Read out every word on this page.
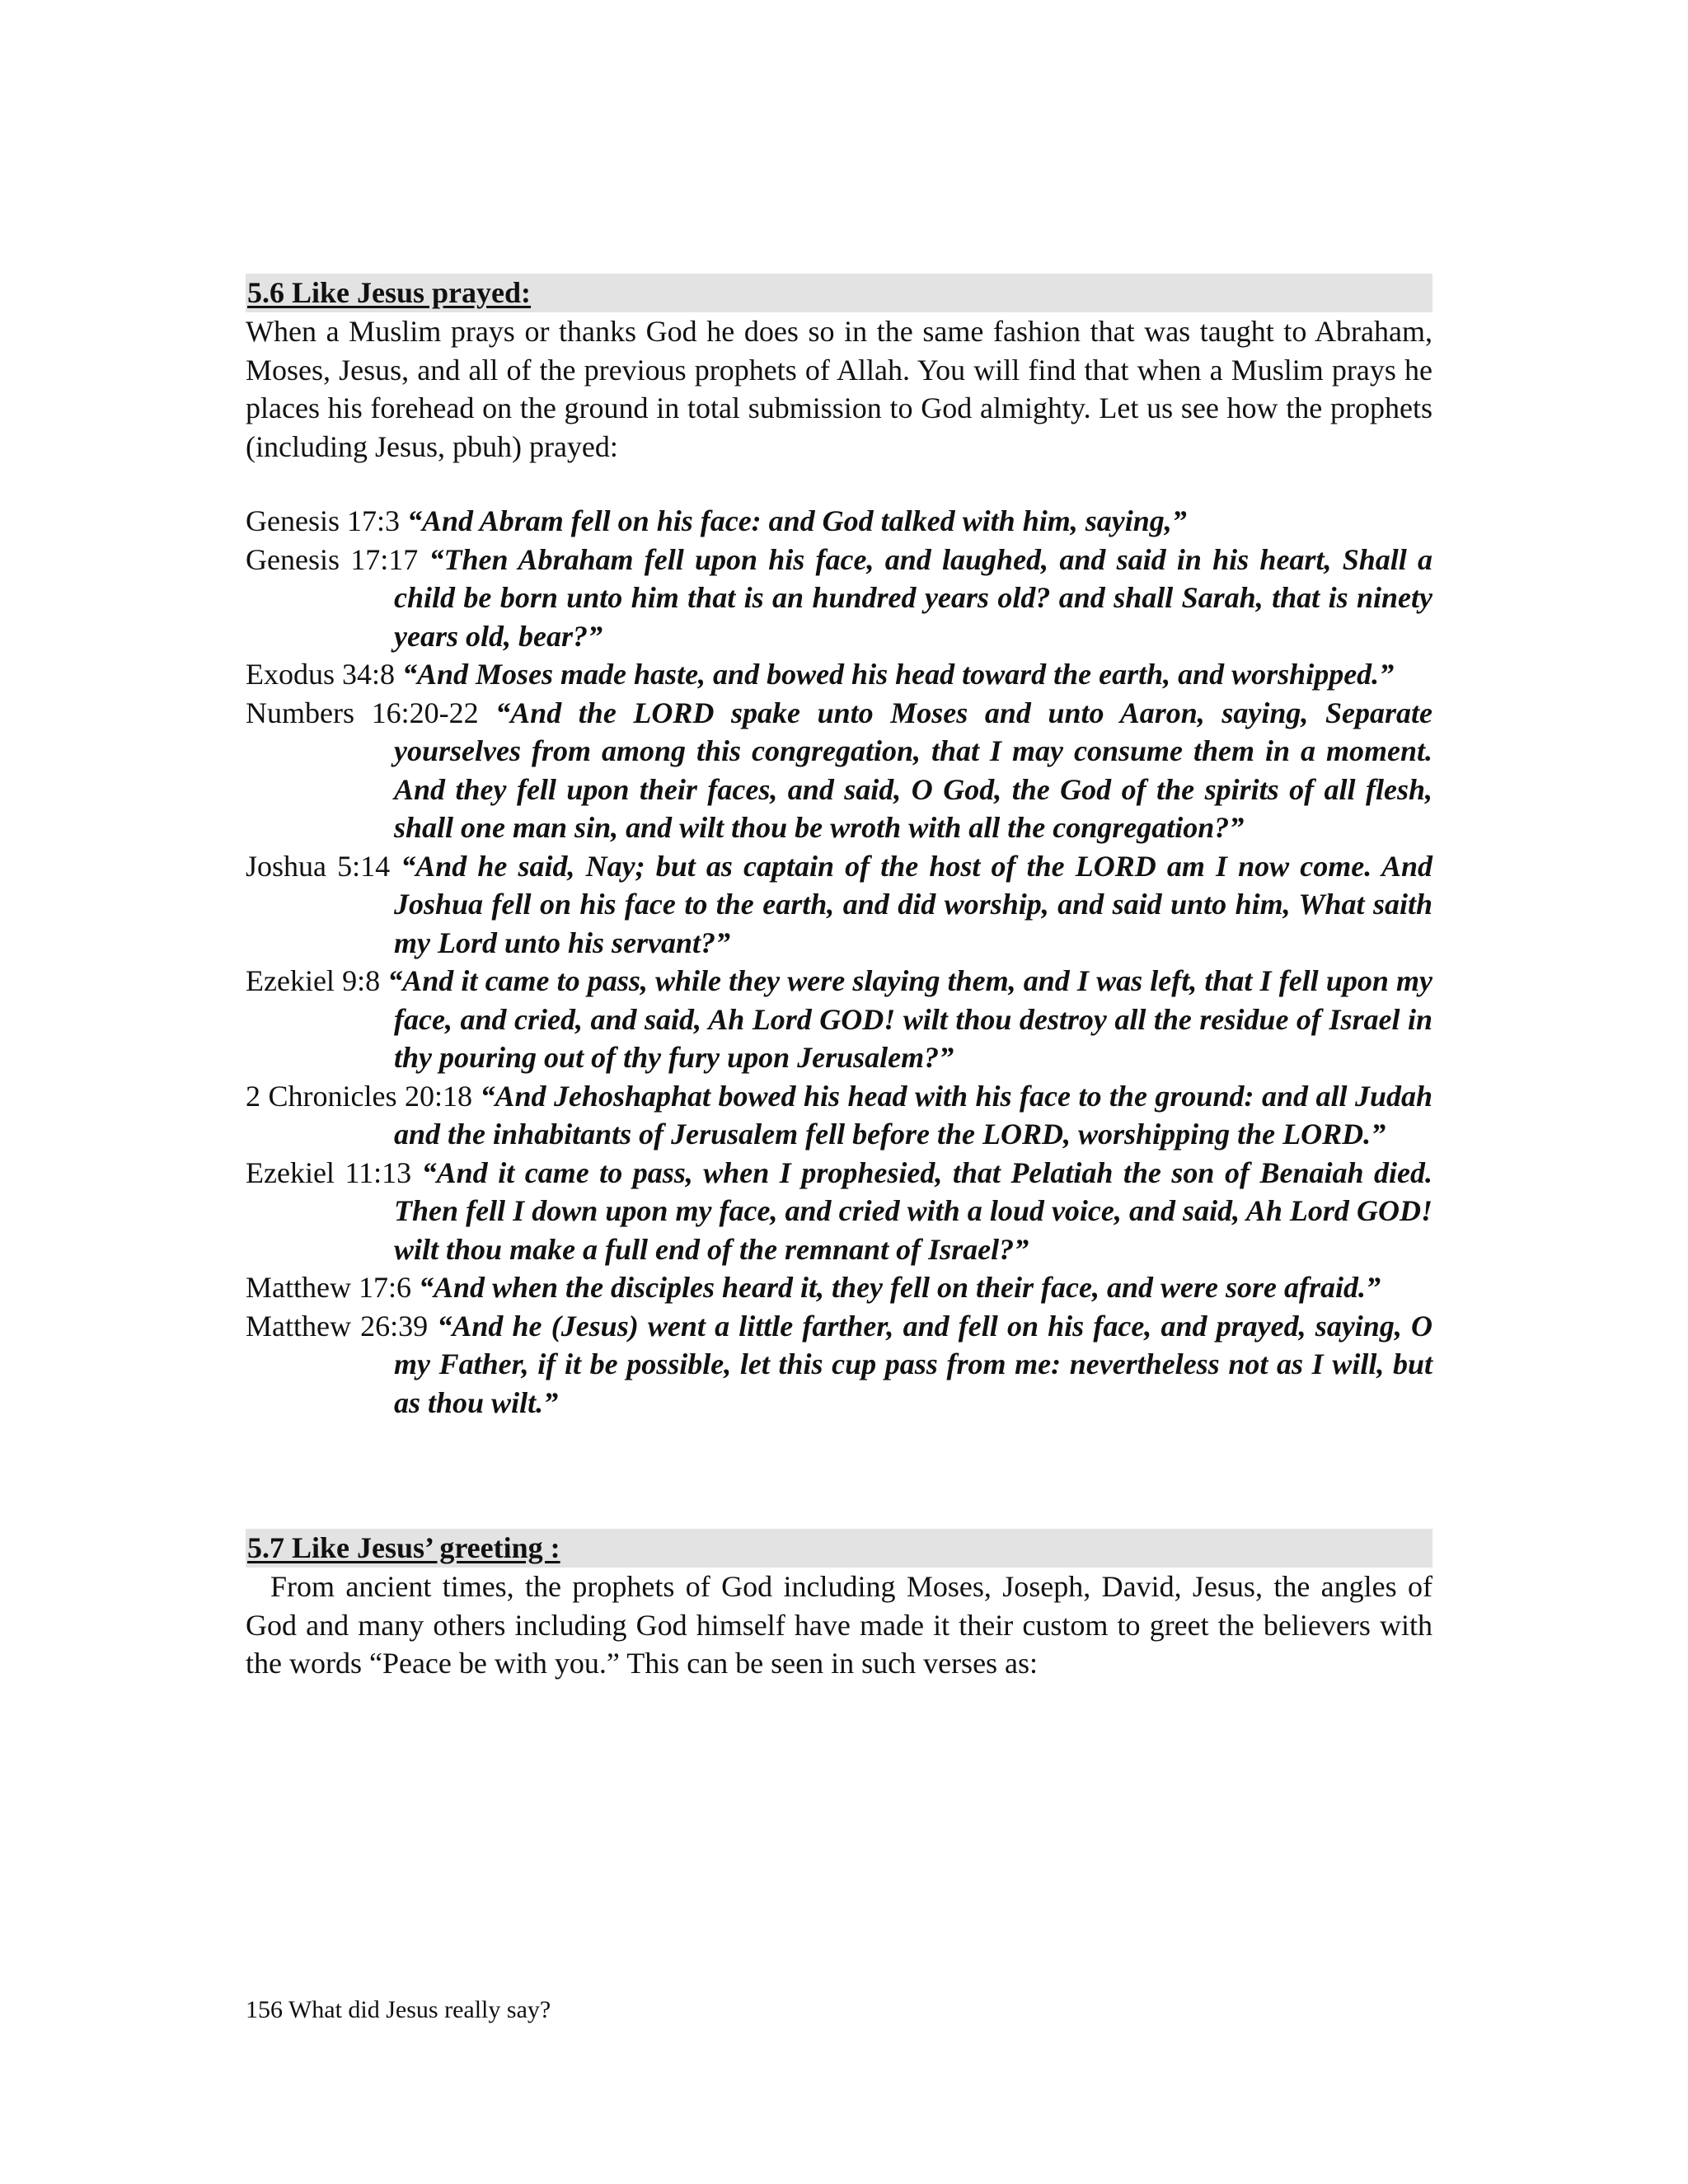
5.6 Like Jesus prayed:

When a Muslim prays or thanks God he does so in the same fashion that was taught to Abraham, Moses, Jesus, and all of the previous prophets of Allah. You will find that when a Muslim prays he places his forehead on the ground in total submission to God almighty. Let us see how the prophets (including Jesus, pbuh) prayed:

Genesis 17:3 “And Abram fell on his face: and God talked with him, saying,”

Genesis 17:17 “Then Abraham fell upon his face, and laughed, and said in his heart, Shall a child be born unto him that is an hundred years old? and shall Sarah, that is ninety years old, bear?”

Exodus 34:8 “And Moses made haste, and bowed his head toward the earth, and worshipped.”

Numbers 16:20-22 “And the LORD spake unto Moses and unto Aaron, saying, Separate yourselves from among this congregation, that I may consume them in a moment. And they fell upon their faces, and said, O God, the God of the spirits of all flesh, shall one man sin, and wilt thou be wroth with all the congregation?”

Joshua 5:14 “And he said, Nay; but as captain of the host of the LORD am I now come. And Joshua fell on his face to the earth, and did worship, and said unto him, What saith my Lord unto his servant?”

Ezekiel 9:8 “And it came to pass, while they were slaying them, and I was left, that I fell upon my face, and cried, and said, Ah Lord GOD! wilt thou destroy all the residue of Israel in thy pouring out of thy fury upon Jerusalem?”

2 Chronicles 20:18 “And Jehoshaphat bowed his head with his face to the ground: and all Judah and the inhabitants of Jerusalem fell before the LORD, worshipping the LORD.”

Ezekiel 11:13 “And it came to pass, when I prophesied, that Pelatiah the son of Benaiah died. Then fell I down upon my face, and cried with a loud voice, and said, Ah Lord GOD! wilt thou make a full end of the remnant of Israel?”

Matthew 17:6 “And when the disciples heard it, they fell on their face, and were sore afraid.”

Matthew 26:39 “And he (Jesus) went a little farther, and fell on his face, and prayed, saying, O my Father, if it be possible, let this cup pass from me: nevertheless not as I will, but as thou wilt.”

5.7 Like Jesus’ greeting :

From ancient times, the prophets of God including Moses, Joseph, David, Jesus, the angles of God and many others including God himself have made it their custom to greet the believers with the words “Peace be with you.” This can be seen in such verses as:

156 What did Jesus really say?
